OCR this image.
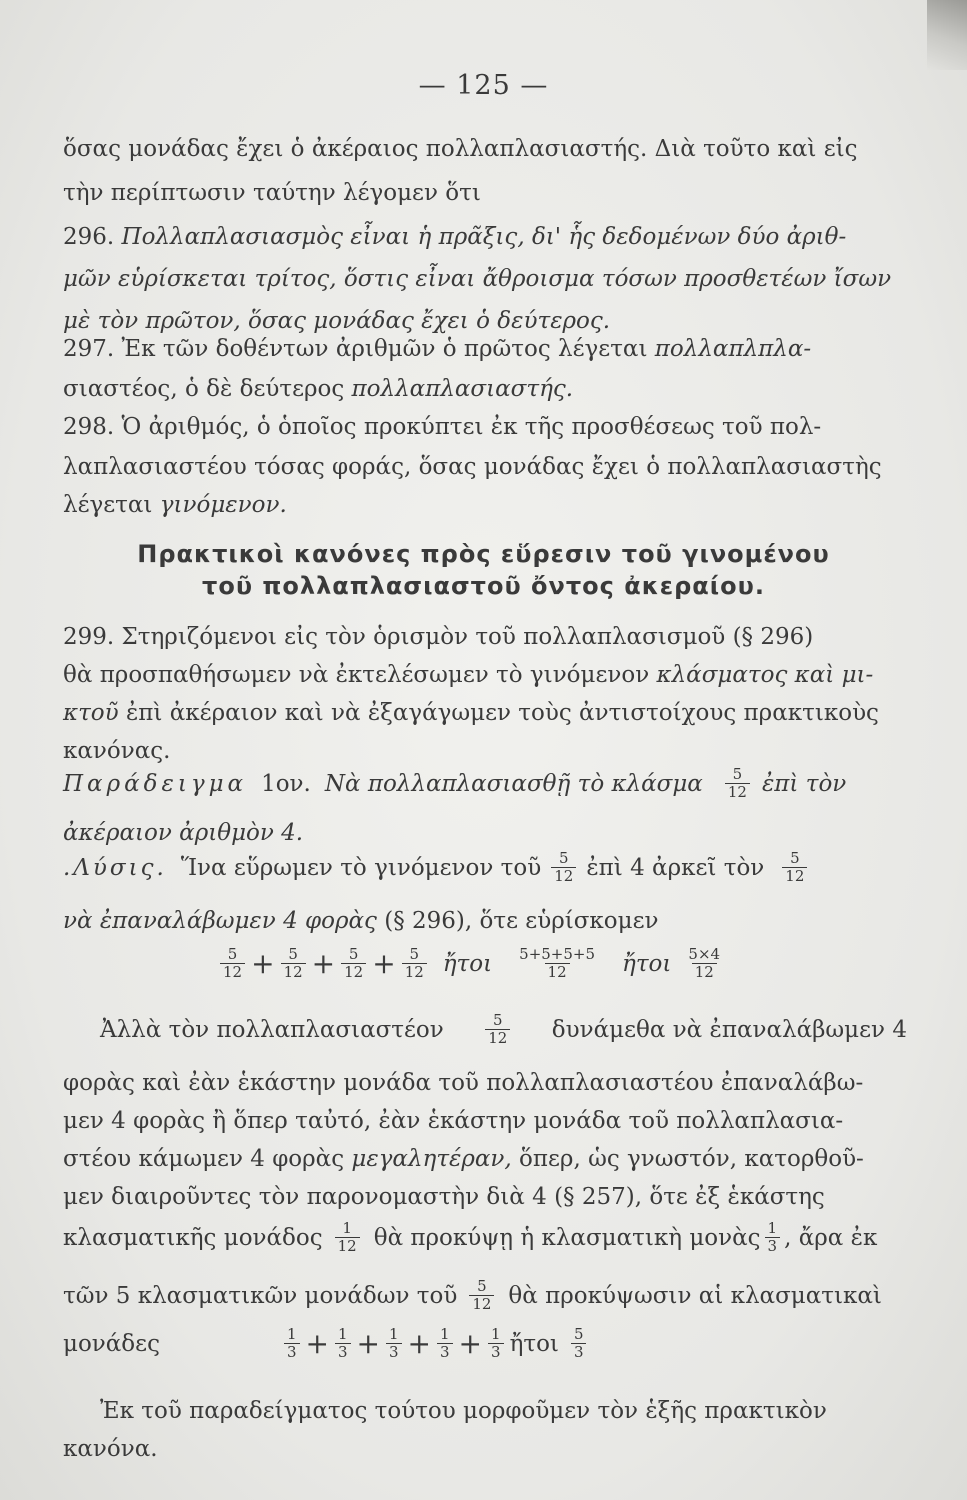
— 125 —
ὅσας μονάδας ἔχει ὁ ἀκέραιος πολλαπλασιαστής. Διὰ τοῦτο καὶ εἰς
τὴν περίπτωσιν ταύτην λέγομεν ὅτι
296. Πολλαπλασιασμὸς εἶναι ἡ πρᾶξις, δι' ἧς δεδομένων δύο ἀριθ-
μῶν εὑρίσκεται τρίτος, ὅστις εἶναι ἄθροισμα τόσων προσθετέων ἴσων
μὲ τὸν πρῶτον, ὅσας μονάδας ἔχει ὁ δεύτερος.
297. Ἐκ τῶν δοθέντων ἀριθμῶν ὁ πρῶτος λέγεται πολλαπλπλα-
σιαστέος, ὁ δὲ δεύτερος πολλαπλασιαστής.
298. Ὁ ἀριθμός, ὁ ὁποῖος προκύπτει ἐκ τῆς προσθέσεως τοῦ πολ-
λαπλασιαστέου τόσας φοράς, ὅσας μονάδας ἔχει ὁ πολλαπλασιαστὴς
λέγεται γινόμενον.
Πρακτικοὶ κανόνες πρὸς εὕρεσιν τοῦ γινομένου
τοῦ πολλαπλασιαστοῦ ὄντος ἀκεραίου.
299. Στηριζόμενοι εἰς τὸν ὁρισμὸν τοῦ πολλαπλασισμοῦ (§ 296)
θὰ προσπαθήσωμεν νὰ ἐκτελέσωμεν τὸ γινόμενον κλάσματος καὶ μι-
κτοῦ ἐπὶ ἀκέραιον καὶ νὰ ἐξαγάγωμεν τοὺς ἀντιστοίχους πρακτικοὺς
κανόνας.
Παράδειγμα 1ον. Νὰ πολλαπλασιασθῇ τὸ κλάσμα $\frac{5}{12}$ ἐπὶ τὸν
ἀκέραιον ἀριθμὸν 4.
.Λύσις. Ἵνα εὕρωμεν τὸ γινόμενον τοῦ $\frac{5}{12}$ ἐπὶ 4 ἀρκεῖ τὸν $\frac{5}{12}$
νὰ ἐπαναλάβωμεν 4 φορὰς (§ 296), ὅτε εὑρίσκομεν
$\frac{5}{12} + \frac{5}{12} + \frac{5}{12} + \frac{5}{12}$ ἤτοι $\frac{5+5+5+5}{12}$ ἤτοι $\frac{5\times 4}{12}$
Ἀλλὰ τὸν πολλαπλασιαστέον	$\frac{5}{12}$ δυνάμεθα νὰ ἐπαναλάβωμεν 4
φορὰς καὶ ἐὰν ἑκάστην μονάδα τοῦ πολλαπλασιαστέου ἐπαναλάβω-
μεν 4 φορὰς ἢ ὅπερ ταὐτό, ἐὰν ἑκάστην μονάδα τοῦ πολλαπλασια-
στέου κάμωμεν 4 φορὰς μεγαλητέραν, ὅπερ, ὡς γνωστόν, κατορθοῦ-
μεν διαιροῦντες τὸν παρονομαστὴν διὰ 4 (§ 257), ὅτε ἐξ ἑκάστης
κλασματικῆς μονάδος $\frac{1}{12}$ θὰ προκύψῃ ἡ κλασματικὴ μονὰς $\frac{1}{3}$ , ἄρα ἐκ
τῶν 5 κλασματικῶν μονάδων τοῦ $\frac{5}{12}$ θὰ προκύψωσιν αἱ κλασματικαὶ
μονάδες	$\frac{1}{3} + \frac{1}{3} + \frac{1}{3} + \frac{1}{3} + \frac{1}{3}$ ἤτοι $\frac{5}{3}$
Ἐκ τοῦ παραδείγματος τούτου μορφοῦμεν τὸν ἑξῆς πρακτικὸν
κανόνα.
